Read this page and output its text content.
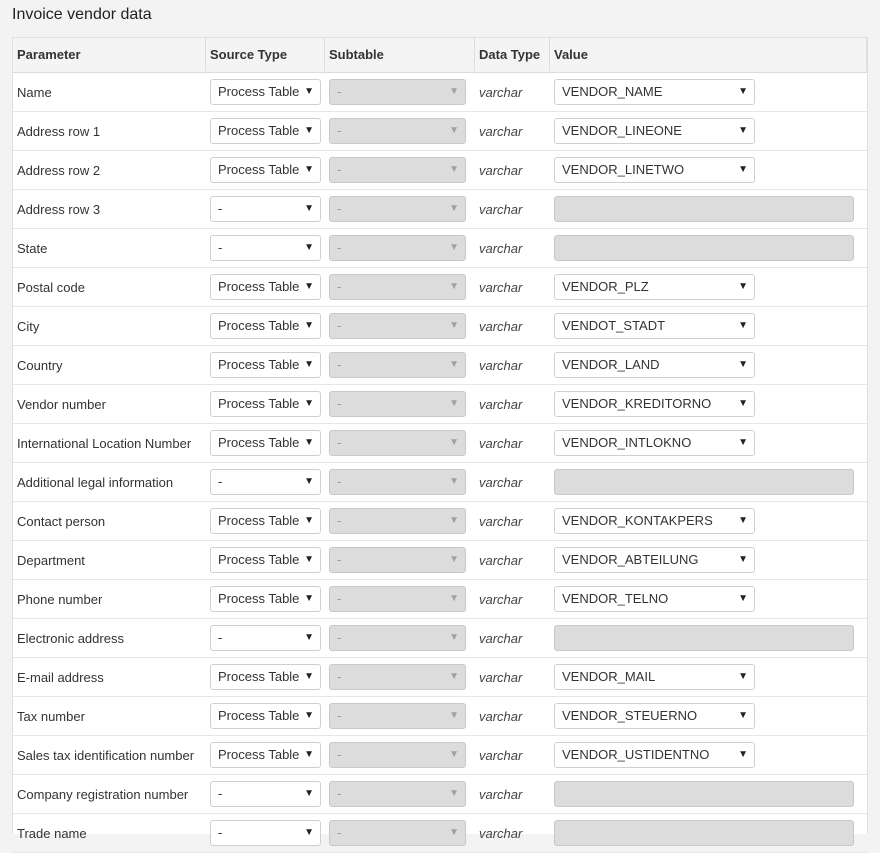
Invoice vendor data
Parameter	Source Type	Subtable	Data Type	Value
Name	Process Table ▼	-	▼	varchar	VENDOR_NAME	▼
Address row 1	Process Table ▼	-	▼	varchar	VENDOR_LINEONE	▼
Address row 2	Process Table ▼	-	▼	varchar	VENDOR_LINETWO	▼
Address row 3	-	▼	-	▼	varchar
State	-	▼	-	▼	varchar
Postal code	Process Table ▼	-	▼	varchar	VENDOR_PLZ	▼
City	Process Table ▼	-	▼	varchar	VENDOT_STADT	▼
Country	Process Table ▼	-	▼	varchar	VENDOR_LAND	▼
Vendor number	Process Table ▼	-	▼	varchar	VENDOR_KREDITORNO	▼
International Location Number	Process Table ▼	-	▼	varchar	VENDOR_INTLOKNO	▼
Additional legal information	-	▼	-	▼	varchar
Contact person	Process Table ▼	-	▼	varchar	VENDOR_KONTAKPERS	▼
Department	Process Table ▼	-	▼	varchar	VENDOR_ABTEILUNG	▼
Phone number	Process Table ▼	-	▼	varchar	VENDOR_TELNO	▼
Electronic address	-	▼	-	▼	varchar
E-mail address	Process Table ▼	-	▼	varchar	VENDOR_MAIL	▼
Tax number	Process Table ▼	-	▼	varchar	VENDOR_STEUERNO	▼
Sales tax identification number	Process Table ▼	-	▼	varchar	VENDOR_USTIDENTNO	▼
Company registration number	-	▼	-	▼	varchar
Trade name	-	▼	-	▼	varchar
